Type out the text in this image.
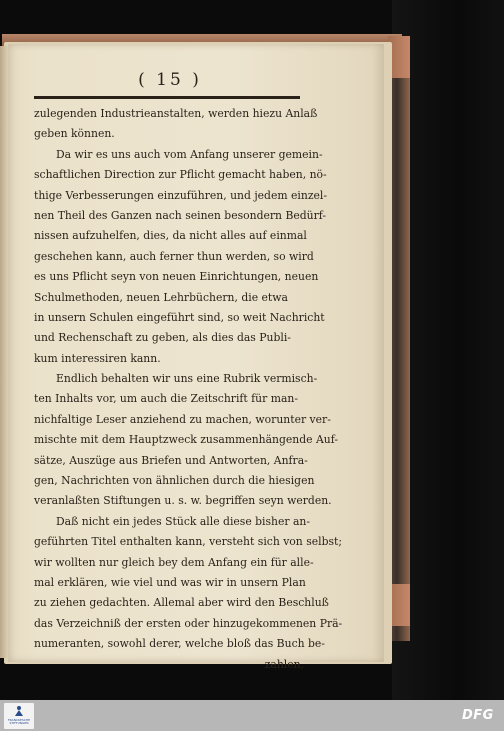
( 15 )
zulegenden Industrieanstalten, werden hiezu Anlaß
geben können.
Da wir es uns auch vom Anfang unserer gemein-
schaftlichen Direction zur Pflicht gemacht haben, nö-
thige Verbesserungen einzuführen, und jedem einzel-
nen Theil des Ganzen nach seinen besondern Bedürf-
nissen aufzuhelfen, dies, da nicht alles auf einmal
geschehen kann, auch ferner thun werden, so wird
es uns Pflicht seyn von neuen Einrichtungen, neuen
Schulmethoden, neuen Lehrbüchern, die etwa
in unsern Schulen eingeführt sind, so weit Nachricht
und Rechenschaft zu geben, als dies das Publi-
kum interessiren kann.
Endlich behalten wir uns eine Rubrik vermisch-
ten Inhalts vor, um auch die Zeitschrift für man-
nichfaltige Leser anziehend zu machen, worunter ver-
mischte mit dem Hauptzweck zusammenhängende Auf-
sätze, Auszüge aus Briefen und Antworten, Anfra-
gen, Nachrichten von ähnlichen durch die hiesigen
veranlaßten Stiftungen u. s. w. begriffen seyn werden.
Daß nicht ein jedes Stück alle diese bisher an-
geführten Titel enthalten kann, versteht sich von selbst;
wir wollten nur gleich bey dem Anfang ein für alle-
mal erklären, wie viel und was wir in unsern Plan
zu ziehen gedachten. Allemal aber wird den Beschluß
das Verzeichniß der ersten oder hinzugekommenen Prä-
numeranten, sowohl derer, welche bloß das Buch be-
zahlen,
FRANCKESCHE STIFTUNGEN	DFG
